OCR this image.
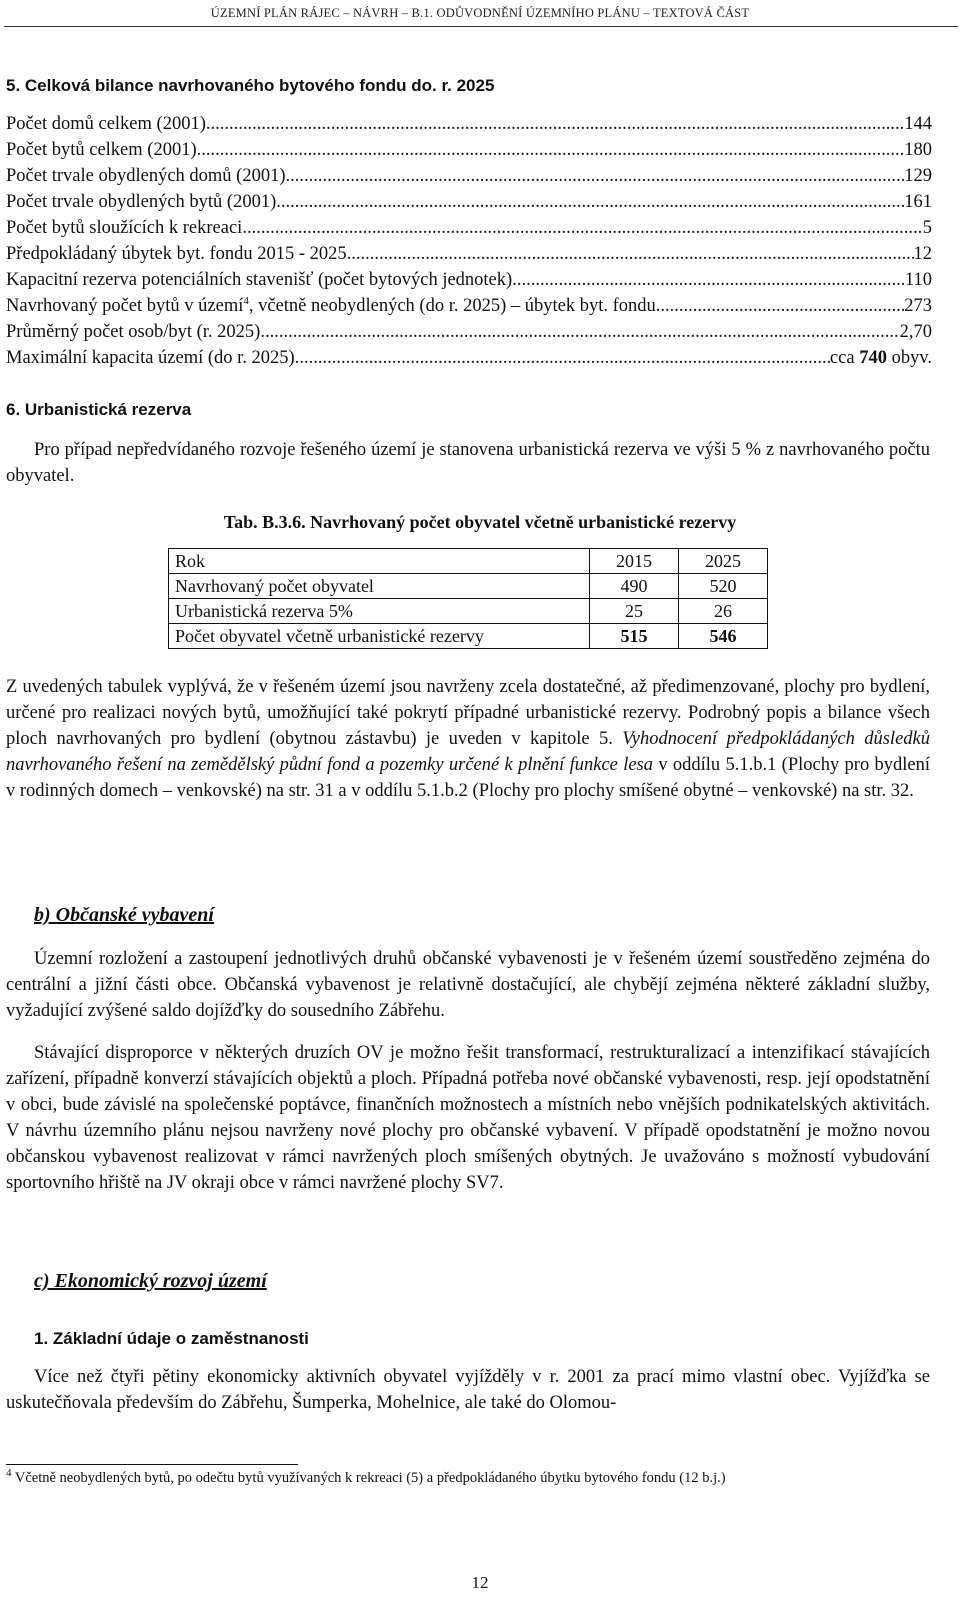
ÚZEMNÍ PLÁN RÁJEC – NÁVRH – B.1. ODŮVODNĚNÍ ÚZEMNÍHO PLÁNU – TEXTOVÁ ČÁST
5. Celková bilance navrhovaného bytového fondu do. r. 2025
Počet domů celkem (2001) .....	144
Počet bytů celkem (2001) .....	180
Počet trvale obydlených domů (2001) .....	129
Počet trvale obydlených bytů (2001) .....	161
Počet bytů sloužících k rekreaci .....	5
Předpokládaný úbytek byt. fondu 2015 - 2025 .....	12
Kapacitní rezerva potenciálních stavenišť (počet bytových jednotek) .....	110
Navrhovaný počet bytů v území$^4$, včetně neobydlených (do r. 2025) – úbytek byt. fondu .....	273
Průměrný počet osob/byt (r. 2025) .....	2,70
Maximální kapacita území (do r. 2025) .....	cca 740 obyv.
6. Urbanistická rezerva
Pro případ nepředvídaného rozvoje řešeného území je stanovena urbanistická rezerva ve výši 5 % z navrhovaného počtu obyvatel.
Tab. B.3.6. Navrhovaný počet obyvatel včetně urbanistické rezervy
Rok	2015	2025
Navrhovaný počet obyvatel	490	520
Urbanistická rezerva 5%	25	26
Počet obyvatel včetně urbanistické rezervy	515	546
Z uvedených tabulek vyplývá, že v řešeném území jsou navrženy zcela dostatečné, až předimenzované, plochy pro bydlení, určené pro realizaci nových bytů, umožňující také pokrytí případné urbanistické rezervy. Podrobný popis a bilance všech ploch navrhovaných pro bydlení (obytnou zástavbu) je uveden v kapitole 5. Vyhodnocení předpokládaných důsledků navrhovaného řešení na zemědělský půdní fond a pozemky určené k plnění funkce lesa v oddílu 5.1.b.1 (Plochy pro bydlení v rodinných domech – venkovské) na str. 31 a v oddílu 5.1.b.2 (Plochy pro plochy smíšené obytné – venkovské) na str. 32.
b) Občanské vybavení
Územní rozložení a zastoupení jednotlivých druhů občanské vybavenosti je v řešeném území soustředěno zejména do centrální a jižní části obce. Občanská vybavenost je relativně dostačující, ale chybějí zejména některé základní služby, vyžadující zvýšené saldo dojížďky do sousedního Zábřehu.
Stávající disproporce v některých druzích OV je možno řešit transformací, restrukturalizací a intenzifikací stávajících zařízení, případně konverzí stávajících objektů a ploch. Případná potřeba nové občanské vybavenosti, resp. její opodstatnění v obci, bude závislé na společenské poptávce, finančních možnostech a místních nebo vnějších podnikatelských aktivitách. V návrhu územního plánu nejsou navrženy nové plochy pro občanské vybavení. V případě opodstatnění je možno novou občanskou vybavenost realizovat v rámci navržených ploch smíšených obytných. Je uvažováno s možností vybudování sportovního hřiště na JV okraji obce v rámci navržené plochy SV7.
c) Ekonomický rozvoj území
1. Základní údaje o zaměstnanosti
Více než čtyři pětiny ekonomicky aktivních obyvatel vyjížděly v r. 2001 za prací mimo vlastní obec. Vyjížďka se uskutečňovala především do Zábřehu, Šumperka, Mohelnice, ale také do Olomou-
$^4$ Včetně neobydlených bytů, po odečtu bytů využívaných k rekreaci (5) a předpokládaného úbytku bytového fondu (12 b.j.)
12
